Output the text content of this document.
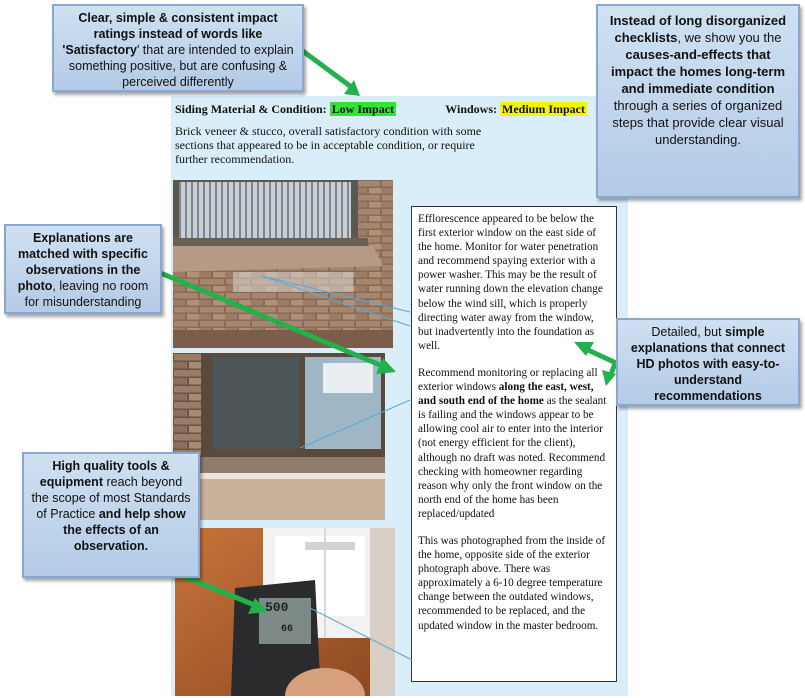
Siding Material & Condition: Low Impact	Windows: Medium Impact
Brick veneer & stucco, overall satisfactory condition with some sections that appeared to be in acceptable condition, or require further recommendation.
500
66

Efflorescence appeared to be below the first exterior window on the east side of the home. Monitor for water penetration and recommend spaying exterior with a power washer. This may be the result of water running down the elevation change below the wind sill, which is properly directing water away from the window, but inadvertently into the foundation as well.

Recommend monitoring or replacing all exterior windows along the east, west, and south end of the home as the sealant is failing and the windows appear to be allowing cool air to enter into the interior (not energy efficient for the client), although no draft was noted. Recommend checking with homeowner regarding reason why only the front window on the north end of the home has been replaced/updated

This was photographed from the inside of the home, opposite side of the exterior photograph above. There was approximately a 6-10 degree temperature change between the outdated windows, recommended to be replaced, and the updated window in the master bedroom.

Clear, simple & consistent impact ratings instead of words like 'Satisfactory' that are intended to explain something positive, but are confusing & perceived differently
Instead of long disorganized checklists, we show you the causes-and-effects that impact the homes long-term and immediate condition through a series of organized steps that provide clear visual understanding.
Explanations are matched with specific observations in the photo, leaving no room for misunderstanding
Detailed, but simple explanations that connect HD photos with easy-to-understand recommendations
High quality tools & equipment reach beyond the scope of most Standards of Practice and help show the effects of an observation.
